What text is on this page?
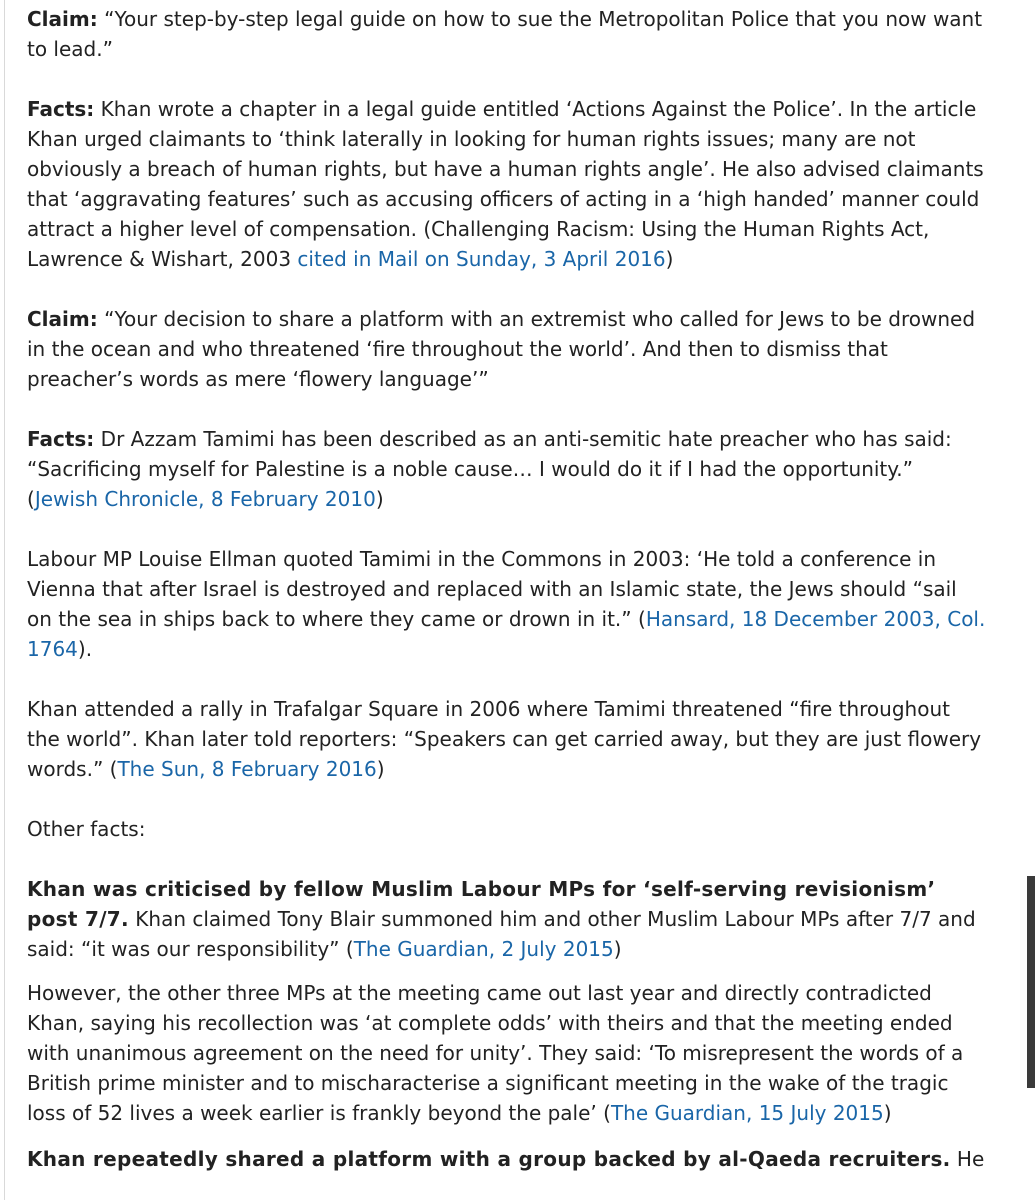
Claim: “Your step-by-step legal guide on how to sue the Metropolitan Police that you now want to lead.”

Facts: Khan wrote a chapter in a legal guide entitled ‘Actions Against the Police’. In the article Khan urged claimants to ‘think laterally in looking for human rights issues; many are not obviously a breach of human rights, but have a human rights angle’. He also advised claimants that ‘aggravating features’ such as accusing officers of acting in a ‘high handed’ manner could attract a higher level of compensation. (Challenging Racism: Using the Human Rights Act, Lawrence & Wishart, 2003 cited in Mail on Sunday, 3 April 2016)

Claim: “Your decision to share a platform with an extremist who called for Jews to be drowned in the ocean and who threatened ‘fire throughout the world’. And then to dismiss that preacher’s words as mere ‘flowery language’”

Facts: Dr Azzam Tamimi has been described as an anti-semitic hate preacher who has said: “Sacrificing myself for Palestine is a noble cause… I would do it if I had the opportunity.” (Jewish Chronicle, 8 February 2010)

Labour MP Louise Ellman quoted Tamimi in the Commons in 2003: ‘He told a conference in Vienna that after Israel is destroyed and replaced with an Islamic state, the Jews should “sail on the sea in ships back to where they came or drown in it.” (Hansard, 18 December 2003, Col. 1764).

Khan attended a rally in Trafalgar Square in 2006 where Tamimi threatened “fire throughout the world”. Khan later told reporters: “Speakers can get carried away, but they are just flowery words.” (The Sun, 8 February 2016)

Other facts:

Khan was criticised by fellow Muslim Labour MPs for ‘self-serving revisionism’ post 7/7. Khan claimed Tony Blair summoned him and other Muslim Labour MPs after 7/7 and said: “it was our responsibility” (The Guardian, 2 July 2015)

However, the other three MPs at the meeting came out last year and directly contradicted Khan, saying his recollection was ‘at complete odds’ with theirs and that the meeting ended with unanimous agreement on the need for unity’. They said: ‘To misrepresent the words of a British prime minister and to mischaracterise a significant meeting in the wake of the tragic loss of 52 lives a week earlier is frankly beyond the pale’ (The Guardian, 15 July 2015)

Khan repeatedly shared a platform with a group backed by al-Qaeda recruiters. He
